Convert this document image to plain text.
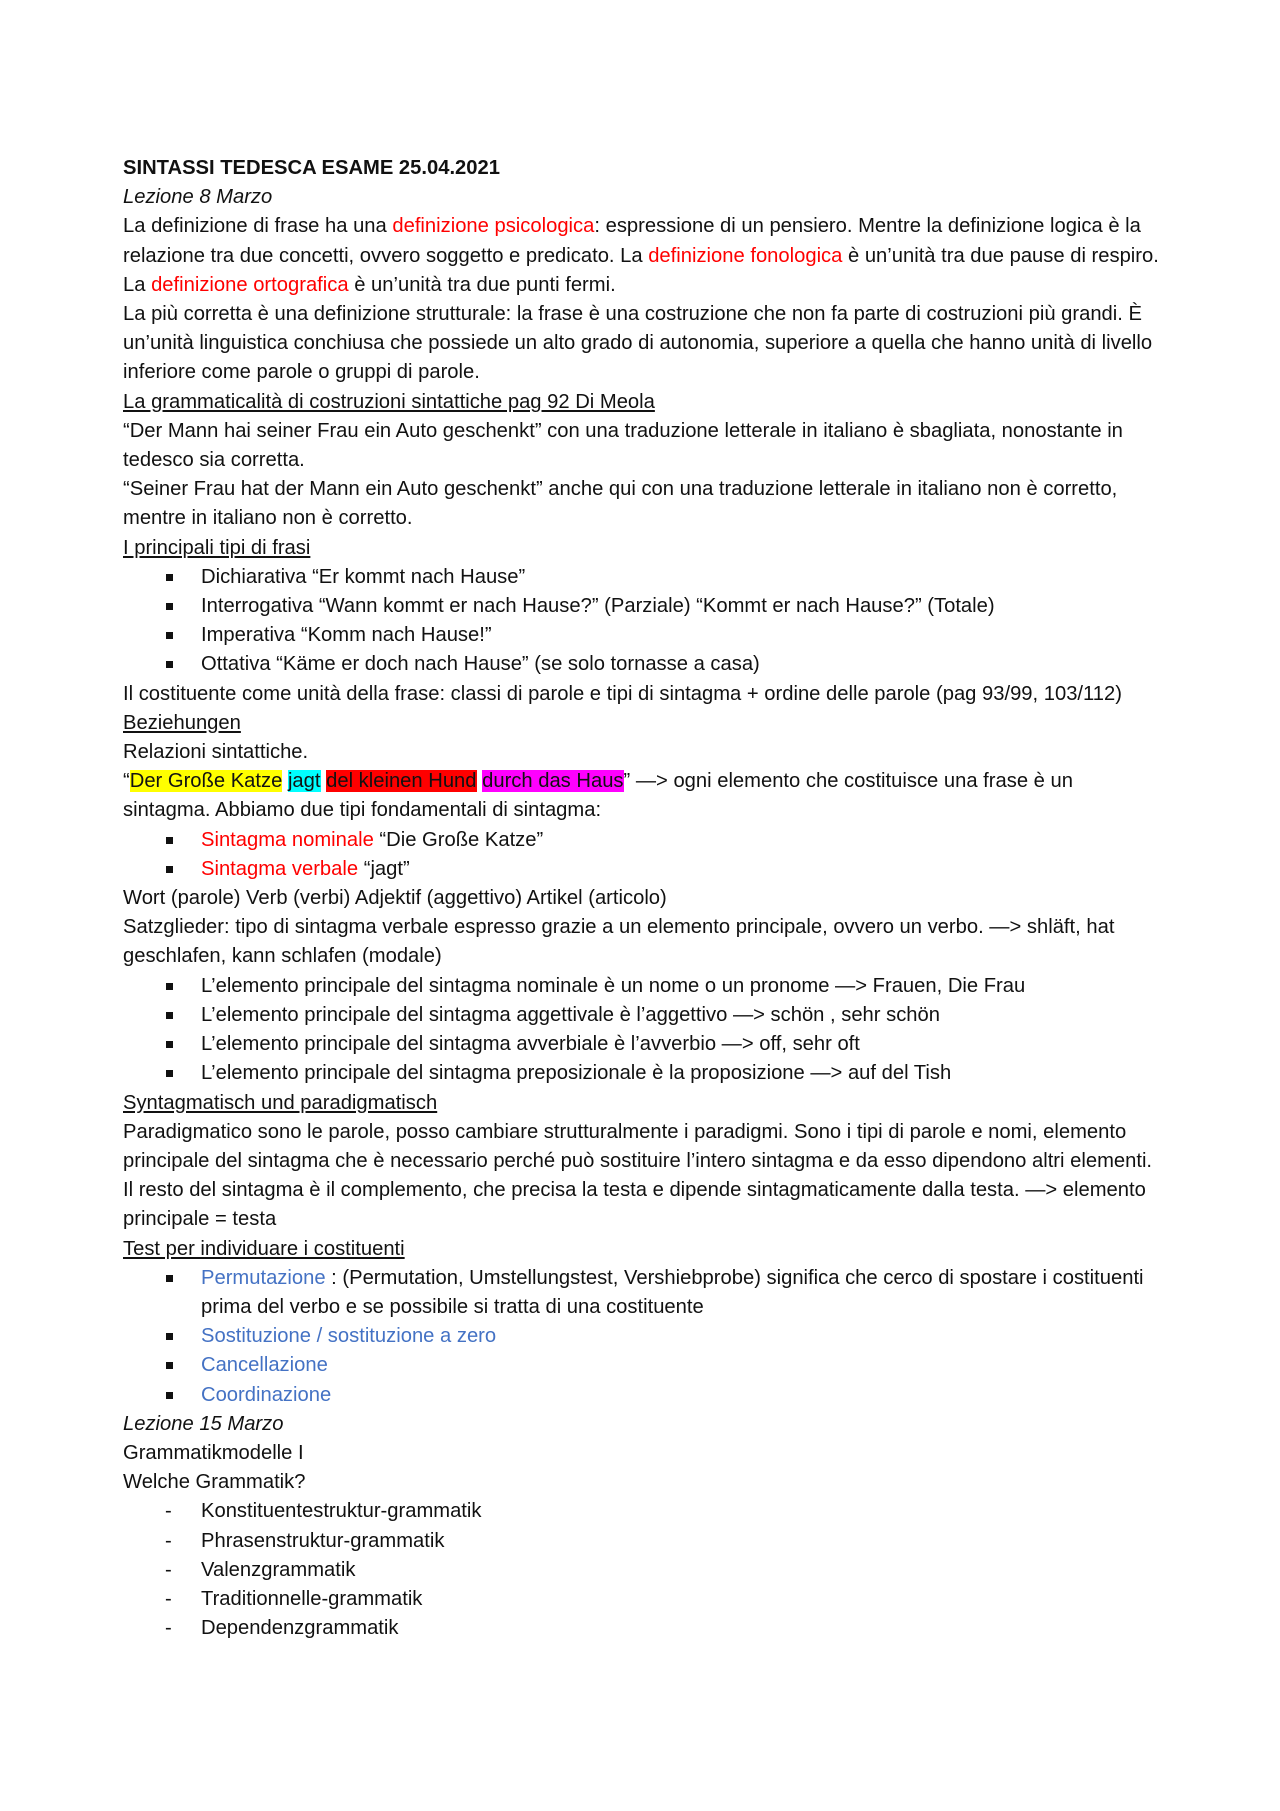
SINTASSI TEDESCA ESAME 25.04.2021

Lezione 8 Marzo

La definizione di frase ha una definizione psicologica: espressione di un pensiero. Mentre la definizione logica è la relazione tra due concetti, ovvero soggetto e predicato. La definizione fonologica è un’unità tra due pause di respiro. La definizione ortografica è un’unità tra due punti fermi.

La più corretta è una definizione strutturale: la frase è una costruzione che non fa parte di costruzioni più grandi. È un’unità linguistica conchiusa che possiede un alto grado di autonomia, superiore a quella che hanno unità di livello inferiore come parole o gruppi di parole.

La grammaticalità di costruzioni sintattiche pag 92 Di Meola

“Der Mann hai seiner Frau ein Auto geschenkt” con una traduzione letterale in italiano è sbagliata, nonostante in tedesco sia corretta.

“Seiner Frau hat der Mann ein Auto geschenkt” anche qui con una traduzione letterale in italiano non è corretto, mentre in italiano non è corretto.

I principali tipi di frasi

Dichiarativa “Er kommt nach Hause”
Interrogativa “Wann kommt er nach Hause?” (Parziale) “Kommt er nach Hause?” (Totale)
Imperativa “Komm nach Hause!”
Ottativa “Käme er doch nach Hause” (se solo tornasse a casa)

Il costituente come unità della frase: classi di parole e tipi di sintagma + ordine delle parole (pag 93/99, 103/112)

Beziehungen

Relazioni sintattiche.

“Der Große Katze jagt del kleinen Hund durch das Haus” —> ogni elemento che costituisce una frase è un sintagma. Abbiamo due tipi fondamentali di sintagma:

Sintagma nominale “Die Große Katze”
Sintagma verbale “jagt”

Wort (parole) Verb (verbi) Adjektif (aggettivo) Artikel (articolo)

Satzglieder: tipo di sintagma verbale espresso grazie a un elemento principale, ovvero un verbo. —> shläft, hat geschlafen, kann schlafen (modale)

L’elemento principale del sintagma nominale è un nome o un pronome —> Frauen, Die Frau
L’elemento principale del sintagma aggettivale è l’aggettivo —> schön , sehr schön
L’elemento principale del sintagma avverbiale è l’avverbio —> off, sehr oft
L’elemento principale del sintagma preposizionale è la proposizione —> auf del Tish

Syntagmatisch und paradigmatisch

Paradigmatico sono le parole, posso cambiare strutturalmente i paradigmi. Sono i tipi di parole e nomi, elemento principale del sintagma che è necessario perché può sostituire l’intero sintagma e da esso dipendono altri elementi.

Il resto del sintagma è il complemento, che precisa la testa e dipende sintagmaticamente dalla testa. —> elemento principale = testa

Test per individuare i costituenti

Permutazione : (Permutation, Umstellungstest, Vershiebprobe) significa che cerco di spostare i costituenti prima del verbo e se possibile si tratta di una costituente
Sostituzione / sostituzione a zero
Cancellazione
Coordinazione

Lezione 15 Marzo

Grammatikmodelle I

Welche Grammatik?

- Konstituentestruktur-grammatik
- Phrasenstruktur-grammatik
- Valenzgrammatik
- Traditionnelle-grammatik
- Dependenzgrammatik
